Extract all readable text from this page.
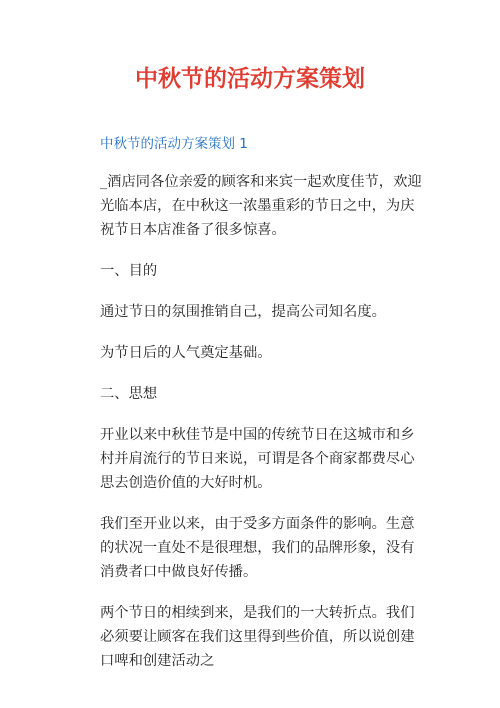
中秋节的活动方案策划
中秋节的活动方案策划 1

_酒店同各位亲爱的顾客和来宾一起欢度佳节，欢迎光临本店，在中秋这一浓墨重彩的节日之中，为庆祝节日本店准备了很多惊喜。

一、目的

通过节日的氛围推销自己，提高公司知名度。

为节日后的人气奠定基础。

二、思想

开业以来中秋佳节是中国的传统节日在这城市和乡村并肩流行的节日来说，可谓是各个商家都费尽心思去创造价值的大好时机。

我们至开业以来，由于受多方面条件的影响。生意的状况一直处不是很理想，我们的品牌形象，没有消费者口中做良好传播。

两个节日的相续到来，是我们的一大转折点。我们必须要让顾客在我们这里得到些价值，所以说创建口啤和创建活动之
